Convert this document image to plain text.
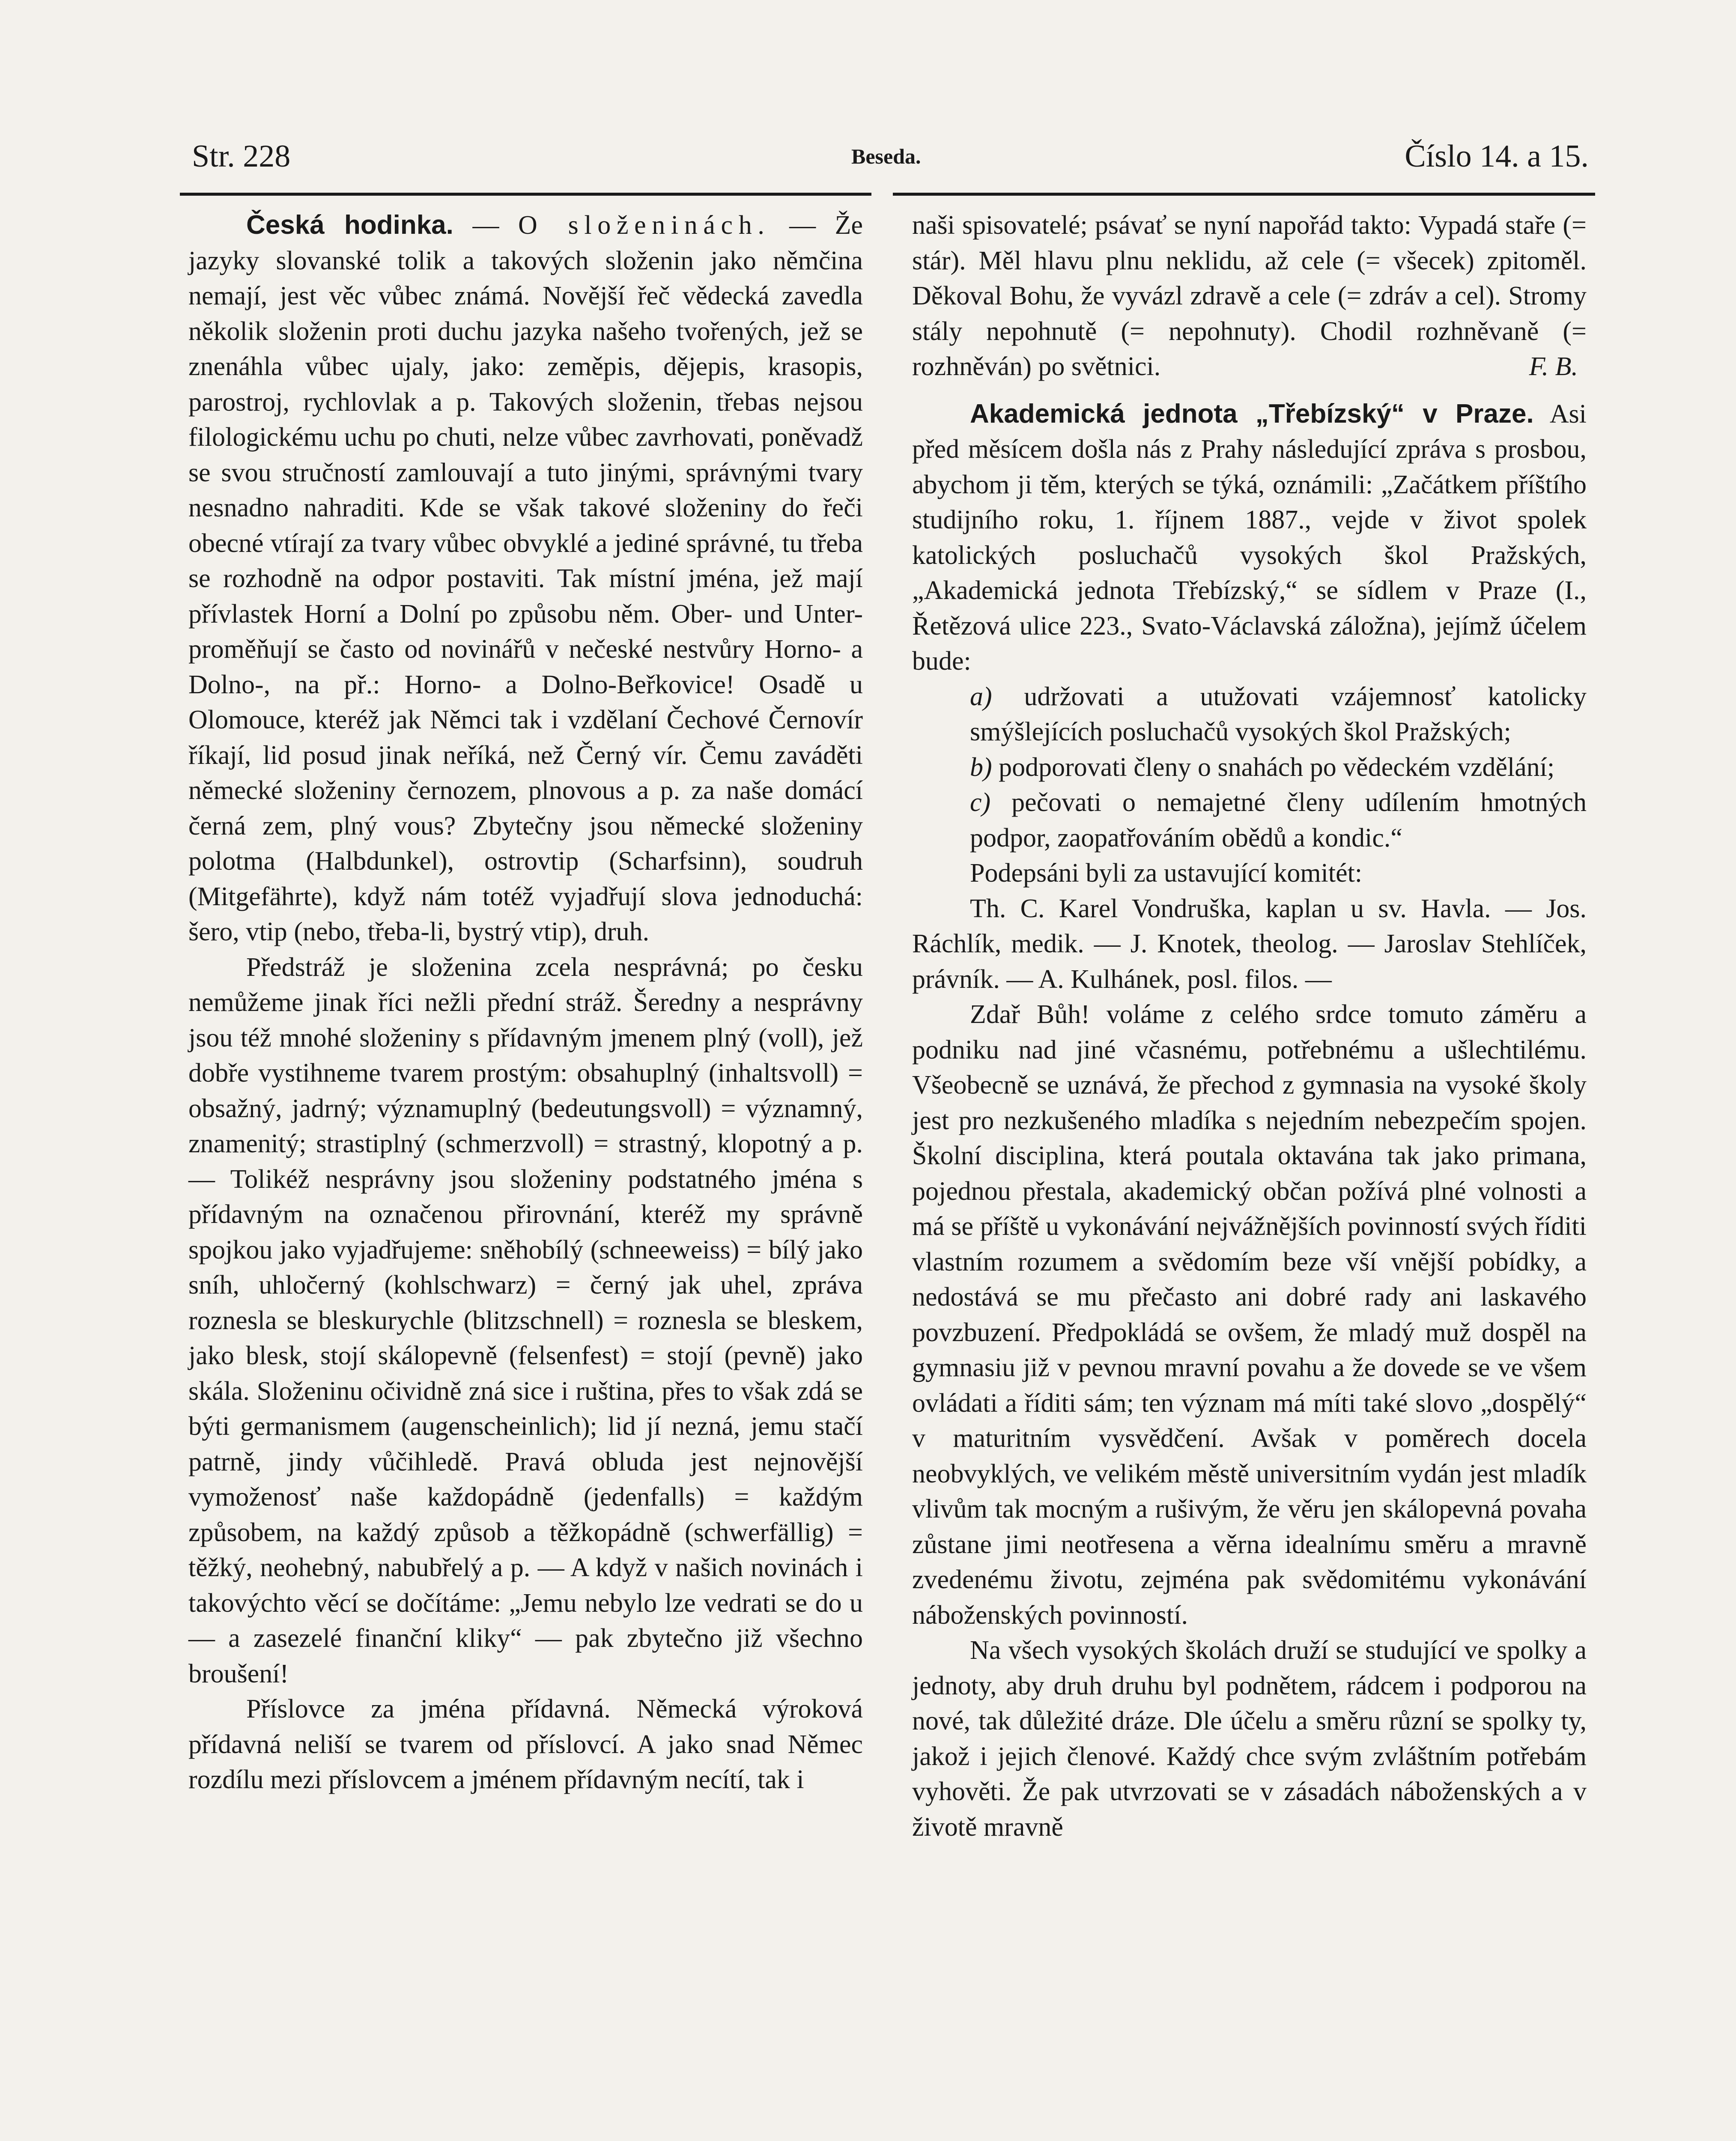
Str. 228	Beseda.	Číslo 14. a 15.

Česká hodinka. — O složeninách. — Že jazyky slovanské tolik a takových složenin jako němčina nemají, jest věc vůbec známá. Novější řeč vědecká zavedla několik složenin proti duchu jazyka našeho tvořených, jež se znenáhla vůbec ujaly, jako: zeměpis, dějepis, krasopis, parostroj, rychlovlak a p. Takových složenin, třebas nejsou filologickému uchu po chuti, nelze vůbec zavrhovati, poněvadž se svou stručností zamlouvají a tuto jinými, správnými tvary nesnadno nahraditi. Kde se však takové složeniny do řeči obecné vtírají za tvary vůbec obvyklé a jediné správné, tu třeba se rozhodně na odpor postaviti. Tak místní jména, jež mají přívlastek Horní a Dolní po způsobu něm. Ober- und Unter- proměňují se často od novinářů v nečeské nestvůry Horno- a Dolno-, na př.: Horno- a Dolno-Beřkovice! Osadě u Olomouce, kteréž jak Němci tak i vzdělaní Čechové Černovír říkají, lid posud jinak neříká, než Černý vír. Čemu zaváděti německé složeniny černozem, plnovous a p. za naše domácí černá zem, plný vous? Zbytečny jsou německé složeniny polotma (Halbdunkel), ostrovtip (Scharfsinn), soudruh (Mitgefährte), když nám totéž vyjadřují slova jednoduchá: šero, vtip (nebo, třeba-li, bystrý vtip), druh.

Předstráž je složenina zcela nesprávná; po česku nemůžeme jinak říci nežli přední stráž. Šeredny a nesprávny jsou též mnohé složeniny s přídavným jmenem plný (voll), jež dobře vystihneme tvarem prostým: obsahuplný (inhaltsvoll) = obsažný, jadrný; významuplný (bedeutungsvoll) = významný, znamenitý; strastiplný (schmerzvoll) = strastný, klopotný a p. — Tolikéž nesprávny jsou složeniny podstatného jména s přídavným na označenou přirovnání, kteréž my správně spojkou jako vyjadřujeme: sněhobílý (schneeweiss) = bílý jako sníh, uhločerný (kohlschwarz) = černý jak uhel, zpráva roznesla se bleskurychle (blitzschnell) = roznesla se bleskem, jako blesk, stojí skálopevně (felsenfest) = stojí (pevně) jako skála. Složeninu očividně zná sice i ruština, přes to však zdá se býti germanismem (augenscheinlich); lid jí nezná, jemu stačí patrně, jindy vůčihledě. Pravá obluda jest nejnovější vymoženosť naše každopádně (jedenfalls) = každým způsobem, na každý způsob a těžkopádně (schwerfällig) = těžký, neohebný, nabubřelý a p. — A když v našich novinách i takovýchto věcí se dočítáme: „Jemu nebylo lze vedrati se do u — a zasezelé finanční kliky“ — pak zbytečno již všechno broušení!

Příslovce za jména přídavná. Německá výroková přídavná neliší se tvarem od příslovcí. A jako snad Němec rozdílu mezi příslovcem a jménem přídavným necítí, tak i

naši spisovatelé; psávať se nyní napořád takto: Vypadá staře (= stár). Měl hlavu plnu neklidu, až cele (= všecek) zpitoměl. Děkoval Bohu, že vyvázl zdravě a cele (= zdráv a cel). Stromy stály nepohnutě (= nepohnuty). Chodil rozhněvaně (= rozhněván) po světnici.	F. B.

Akademická jednota „Třebízský“ v Praze. Asi před měsícem došla nás z Prahy následující zpráva s prosbou, abychom ji těm, kterých se týká, oznámili: „Začátkem příštího studijního roku, 1. říjnem 1887., vejde v život spolek katolických posluchačů vysokých škol Pražských, „Akademická jednota Třebízský,“ se sídlem v Praze (I., Řetězová ulice 223., Svato-Václavská záložna), jejímž účelem bude:

a) udržovati a utužovati vzájemnosť katolicky smýšlejících posluchačů vysokých škol Pražských;

b) podporovati členy o snahách po vědeckém vzdělání;

c) pečovati o nemajetné členy udílením hmotných podpor, zaopatřováním obědů a kondic.“

Podepsáni byli za ustavující komitét:

Th. C. Karel Vondruška, kaplan u sv. Havla. — Jos. Ráchlík, medik. — J. Knotek, theolog. — Jaroslav Stehlíček, právník. — A. Kulhánek, posl. filos. —

Zdař Bůh! voláme z celého srdce tomuto záměru a podniku nad jiné včasnému, potřebnému a ušlechtilému. Všeobecně se uznává, že přechod z gymnasia na vysoké školy jest pro nezkušeného mladíka s nejedním nebezpečím spojen. Školní disciplina, která poutala oktavána tak jako primana, pojednou přestala, akademický občan požívá plné volnosti a má se příště u vykonávání nejvážnějších povinností svých říditi vlastním rozumem a svědomím beze vší vnější pobídky, a nedostává se mu přečasto ani dobré rady ani laskavého povzbuzení. Předpokládá se ovšem, že mladý muž dospěl na gymnasiu již v pevnou mravní povahu a že dovede se ve všem ovládati a říditi sám; ten význam má míti také slovo „dospělý“ v maturitním vysvědčení. Avšak v poměrech docela neobvyklých, ve velikém městě universitním vydán jest mladík vlivům tak mocným a rušivým, že věru jen skálopevná povaha zůstane jimi neotřesena a věrna idealnímu směru a mravně zvedenému životu, zejména pak svědomitému vykonávání náboženských povinností.

Na všech vysokých školách druží se studující ve spolky a jednoty, aby druh druhu byl podnětem, rádcem i podporou na nové, tak důležité dráze. Dle účelu a směru různí se spolky ty, jakož i jejich členové. Každý chce svým zvláštním potřebám vyhověti. Že pak utvrzovati se v zásadách náboženských a v životě mravně
